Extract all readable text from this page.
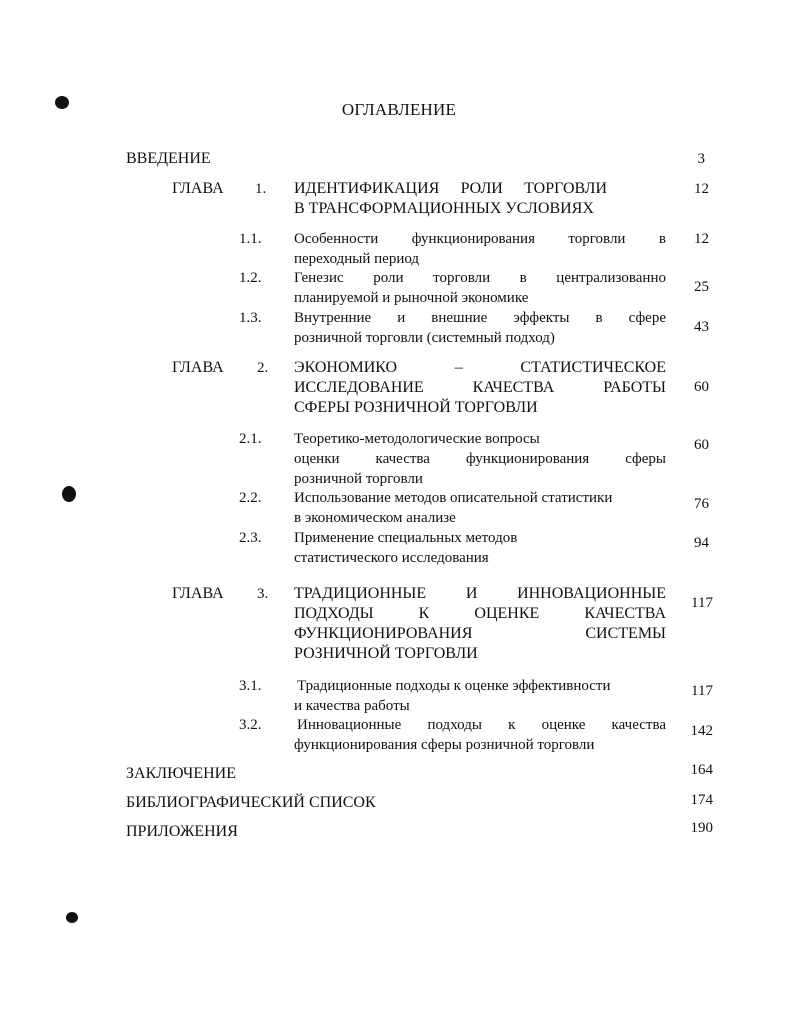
ОГЛАВЛЕНИЕ
ВВЕДЕНИЕ	3
ГЛАВА 1. ИДЕНТИФИКАЦИЯ РОЛИ ТОРГОВЛИ
В ТРАНСФОРМАЦИОННЫХ УСЛОВИЯХ
12
1.1. Особенности функционирования торговли в
переходный период
12
1.2. Генезис роли торговли в централизованно
планируемой и рыночной экономике
25
1.3. Внутренние и внешние эффекты в сфере
розничной торговли (системный подход)
43
ГЛАВА 2. ЭКОНОМИКО – СТАТИСТИЧЕСКОЕ
ИССЛЕДОВАНИЕ КАЧЕСТВА РАБОТЫ
СФЕРЫ РОЗНИЧНОЙ ТОРГОВЛИ
60
2.1. Теоретико-методологические вопросы
оценки качества функционирования сферы
розничной торговли
60
2.2. Использование методов описательной статистики
в экономическом анализе
76
2.3. Применение специальных методов
статистического исследования
94
ГЛАВА 3. ТРАДИЦИОННЫЕ И ИННОВАЦИОННЫЕ
ПОДХОДЫ К ОЦЕНКЕ КАЧЕСТВА
ФУНКЦИОНИРОВАНИЯ СИСТЕМЫ
РОЗНИЧНОЙ ТОРГОВЛИ
117
3.1. Традиционные подходы к оценке эффективности
и качества работы
117
3.2. Инновационные подходы к оценке качества
функционирования сферы розничной торговли
142
ЗАКЛЮЧЕНИЕ	164
БИБЛИОГРАФИЧЕСКИЙ СПИСОК	174
ПРИЛОЖЕНИЯ	190
